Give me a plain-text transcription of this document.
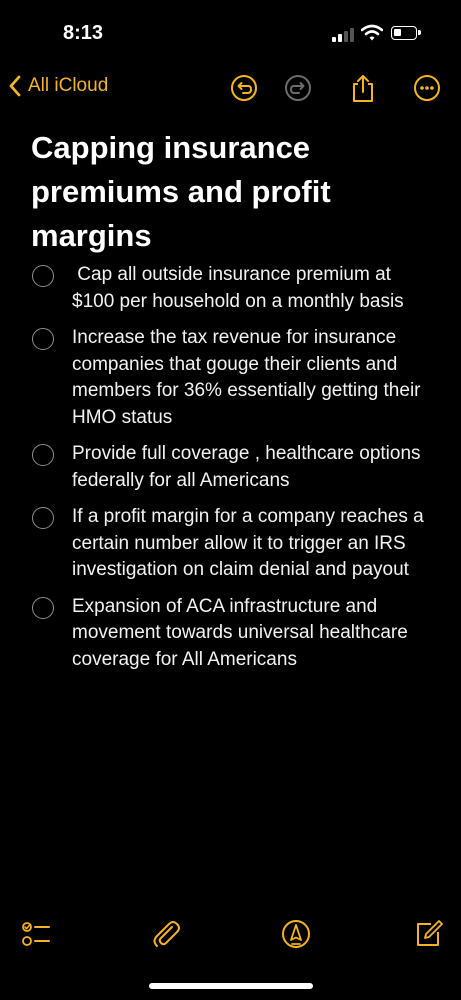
8:13
All iCloud
Capping insurance premiums and profit margins
Cap all outside insurance premium at $100 per household on a monthly basis
Increase the tax revenue for insurance companies that gouge their clients and members for 36% essentially getting their HMO status
Provide full coverage , healthcare options federally for all Americans
If a profit margin for a company reaches a certain number allow it to trigger an IRS investigation on claim denial and payout
Expansion of ACA infrastructure and movement towards universal healthcare coverage for All Americans
